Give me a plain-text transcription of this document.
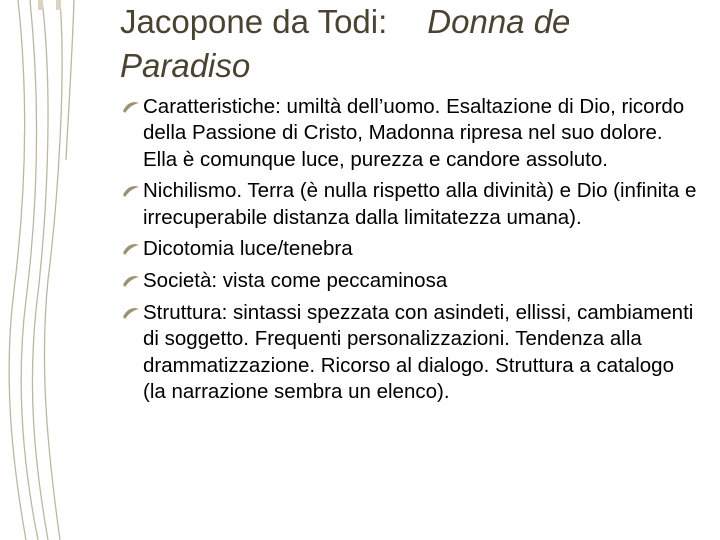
Jacopone da Todi: Donna de
Paradiso
Caratteristiche: umiltà dell’uomo. Esaltazione di Dio, ricordo della Passione di Cristo, Madonna ripresa nel suo dolore. Ella è comunque luce, purezza e candore assoluto.
Nichilismo. Terra (è nulla rispetto alla divinità) e Dio (infinita e irrecuperabile distanza dalla limitatezza umana).
Dicotomia luce/tenebra
Società: vista come peccaminosa
Struttura: sintassi spezzata con asindeti, ellissi, cambiamenti di soggetto. Frequenti personalizzazioni. Tendenza alla drammatizzazione. Ricorso al dialogo. Struttura a catalogo (la narrazione sembra un elenco).
